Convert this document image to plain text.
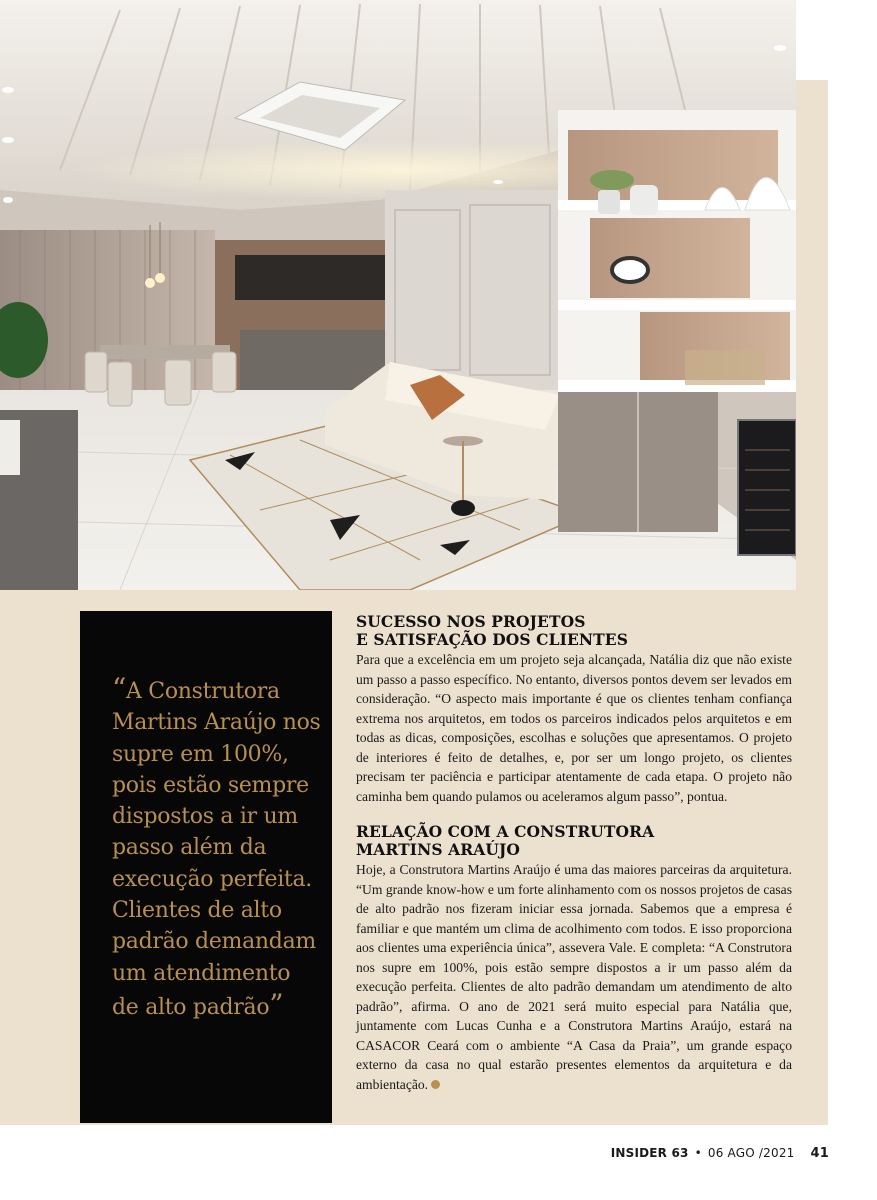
“A Construtora Martins Araújo nos supre em 100%, pois estão sempre dispostos a ir um passo além da execução perfeita. Clientes de alto padrão demandam um atendimento de alto padrão”

SUCESSO NOS PROJETOS
E SATISFAÇÃO DOS CLIENTES

Para que a excelência em um projeto seja alcançada, Natália diz que não existe um passo a passo específico. No entanto, diversos pontos devem ser levados em consideração. “O aspecto mais importante é que os clientes tenham confiança extrema nos arquitetos, em todos os parceiros indicados pelos arquitetos e em todas as dicas, composições, escolhas e soluções que apresentamos. O projeto de interiores é feito de detalhes, e, por ser um longo projeto, os clientes precisam ter paciência e participar atentamente de cada etapa. O projeto não caminha bem quando pulamos ou aceleramos algum passo”, pontua.

RELAÇÃO COM A CONSTRUTORA
MARTINS ARAÚJO

Hoje, a Construtora Martins Araújo é uma das maiores parceiras da arquitetura. “Um grande know-how e um forte alinhamento com os nossos projetos de casas de alto padrão nos fizeram iniciar essa jornada. Sabemos que a empresa é familiar e que mantém um clima de acolhimento com todos. E isso proporciona aos clientes uma experiência única”, assevera Vale. E completa: “A Construtora nos supre em 100%, pois estão sempre dispostos a ir um passo além da execução perfeita. Clientes de alto padrão demandam um atendimento de alto padrão”, afirma. O ano de 2021 será muito especial para Natália que, juntamente com Lucas Cunha e a Construtora Martins Araújo, estará na CASACOR Ceará com o ambiente “A Casa da Praia”, um grande espaço externo da casa no qual estarão presentes elementos da arquitetura e da ambientação.

INSIDER 63 • 06 AGO /2021 41
